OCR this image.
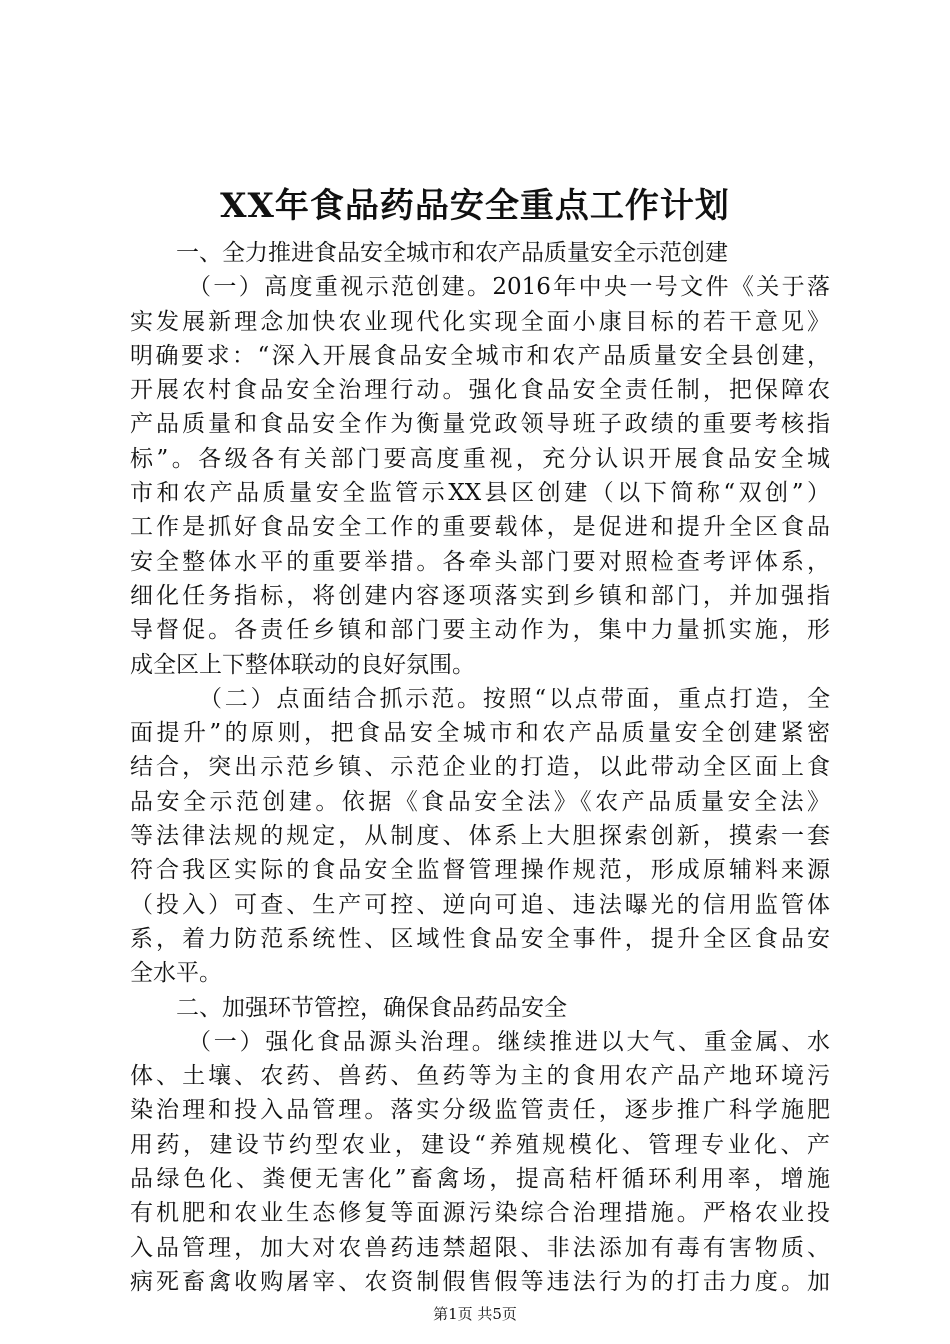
XX年食品药品安全重点工作计划
一、全力推进食品安全城市和农产品质量安全示范创建
（一）高度重视示范创建。2016年中央一号文件《关于落
实发展新理念加快农业现代化实现全面小康目标的若干意见》
明确要求：“深入开展食品安全城市和农产品质量安全县创建，
开展农村食品安全治理行动。强化食品安全责任制，把保障农
产品质量和食品安全作为衡量党政领导班子政绩的重要考核指
标”。各级各有关部门要高度重视，充分认识开展食品安全城
市和农产品质量安全监管示XX县区创建（以下简称“双创”）
工作是抓好食品安全工作的重要载体，是促进和提升全区食品
安全整体水平的重要举措。各牵头部门要对照检查考评体系，
细化任务指标，将创建内容逐项落实到乡镇和部门，并加强指
导督促。各责任乡镇和部门要主动作为，集中力量抓实施，形
成全区上下整体联动的良好氛围。
（二）点面结合抓示范。按照“以点带面，重点打造，全
面提升”的原则，把食品安全城市和农产品质量安全创建紧密
结合，突出示范乡镇、示范企业的打造，以此带动全区面上食
品安全示范创建。依据《食品安全法》《农产品质量安全法》
等法律法规的规定，从制度、体系上大胆探索创新，摸索一套
符合我区实际的食品安全监督管理操作规范，形成原辅料来源
（投入）可查、生产可控、逆向可追、违法曝光的信用监管体
系，着力防范系统性、区域性食品安全事件，提升全区食品安
全水平。
二、加强环节管控，确保食品药品安全
（一）强化食品源头治理。继续推进以大气、重金属、水
体、土壤、农药、兽药、鱼药等为主的食用农产品产地环境污
染治理和投入品管理。落实分级监管责任，逐步推广科学施肥
用药，建设节约型农业，建设“养殖规模化、管理专业化、产
品绿色化、粪便无害化”畜禽场，提高秸杆循环利用率，增施
有机肥和农业生态修复等面源污染综合治理措施。严格农业投
入品管理，加大对农兽药违禁超限、非法添加有毒有害物质、
病死畜禽收购屠宰、农资制假售假等违法行为的打击力度。加
第1页 共5页
